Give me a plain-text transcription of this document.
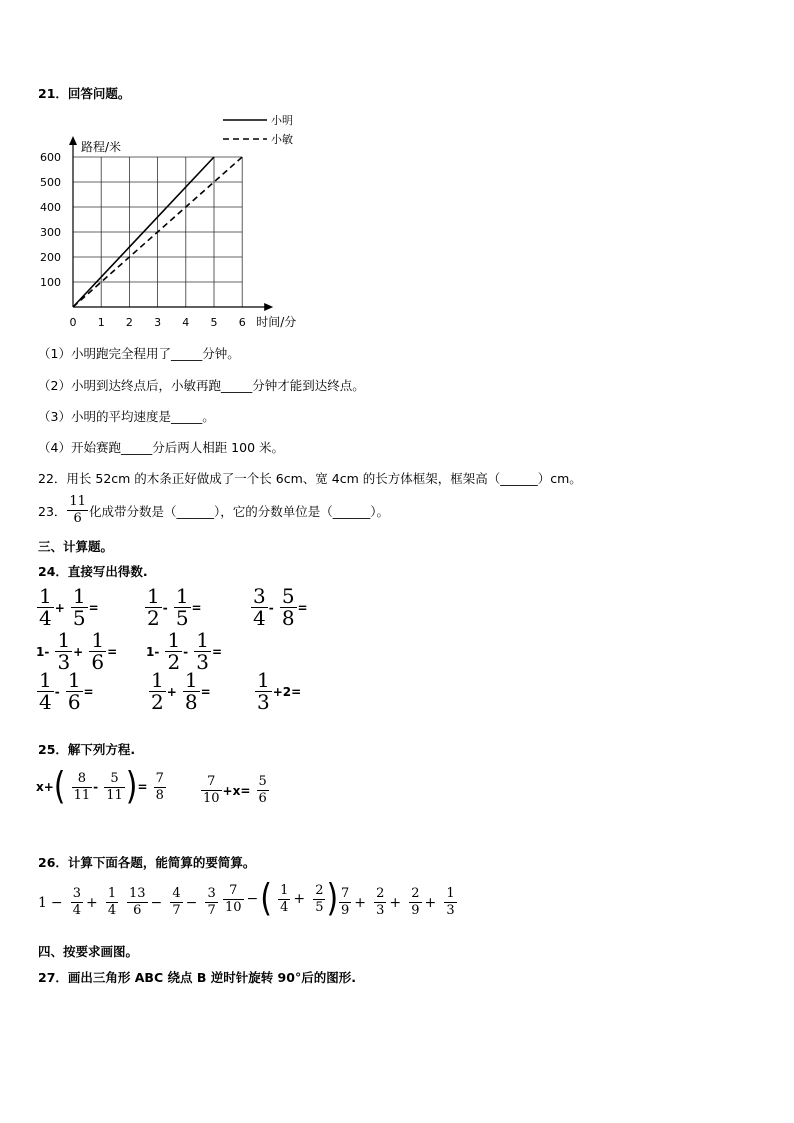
21．回答问题。
0 1 2 3 4 5 6
100
200
300
400
500
600
小明
小敏
路程/米
时间/分
（1）小明跑完全程用了_____分钟。
（2）小明到达终点后，小敏再跑_____分钟才能到达终点。
（3）小明的平均速度是_____。
（4）开始赛跑_____分后两人相距 100 米。
22．用长 52cm 的木条正好做成了一个长 6cm、宽 4cm 的长方体框架，框架高（______）cm。
23． $\frac{11}{6}$ 化成带分数是（______），它的分数单位是（______）。
三、计算题。
24．直接写出得数.
$\frac{1}{4} + \frac{1}{5} = \frac{1}{2} - \frac{1}{5} = \frac{3}{4} - \frac{5}{8}$ =
$1- \frac{1}{3} + \frac{1}{6} = 1- \frac{1}{2} - \frac{1}{3}$ =
$\frac{1}{4} - \frac{1}{6}$ =	$\frac{1}{2} + \frac{1}{8} = \frac{1}{3} +2=$
25．解下列方程.
$x+( \frac{8}{11} - \frac{5}{11}$ )= $\frac{7}{8}$	$\frac{7}{10} +x= \frac{5}{6}$
26．计算下面各题，能简算的要简算。
$1 - \frac{3}{4} + \frac{1}{4} \frac{13}{6} - \frac{4}{7} - \frac{3}{7} \frac{7}{10}$ −( $\frac{1}{4} + \frac{2}{5}$ ) $\frac{7}{9} + \frac{2}{3} + \frac{2}{9} + \frac{1}{3}$
四、按要求画图。
27．画出三角形 ABC 绕点 B 逆时针旋转 90°后的图形.
